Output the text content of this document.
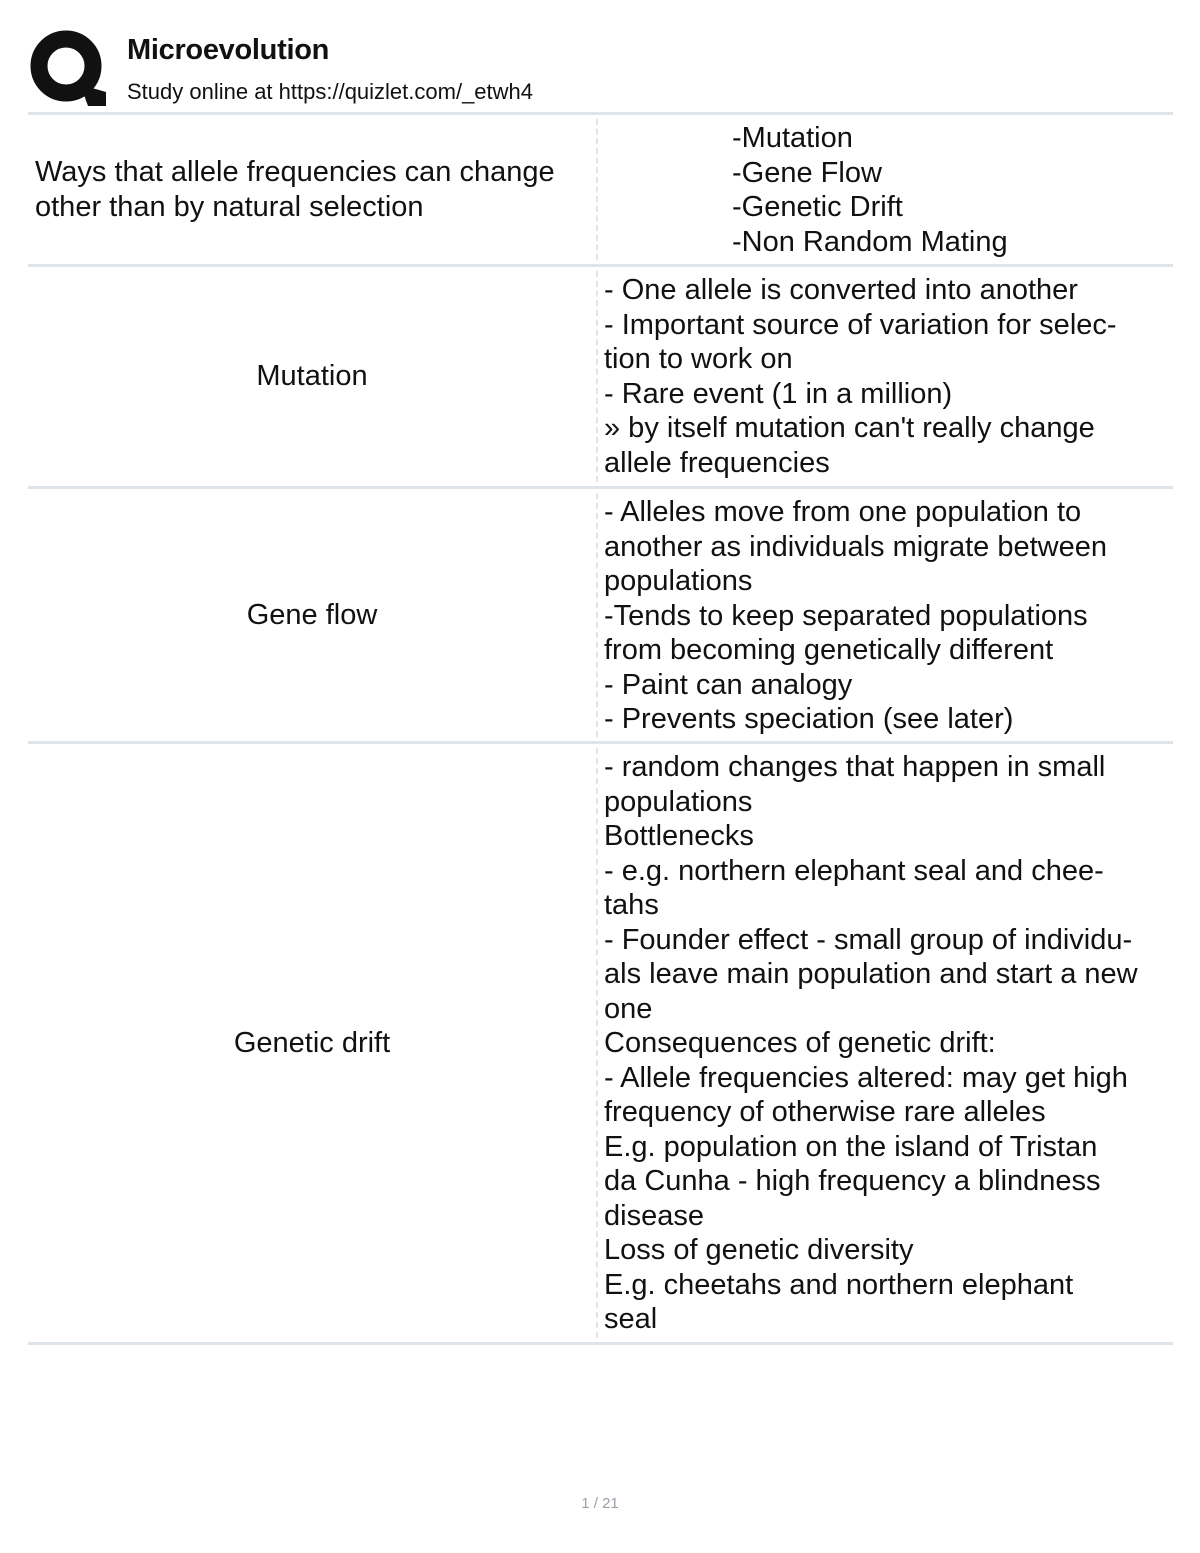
Microevolution
Study online at https://quizlet.com/_etwh4
Ways that allele frequencies can change other than by natural selection
-Mutation
-Gene Flow
-Genetic Drift
-Non Random Mating
Mutation
- One allele is converted into another
- Important source of variation for selec-
tion to work on
- Rare event (1 in a million)
» by itself mutation can't really change
allele frequencies
Gene flow
- Alleles move from one population to
another as individuals migrate between
populations
-Tends to keep separated populations
from becoming genetically different
- Paint can analogy
- Prevents speciation (see later)
Genetic drift
- random changes that happen in small
populations
Bottlenecks
- e.g. northern elephant seal and chee-
tahs
- Founder effect - small group of individu-
als leave main population and start a new
one
Consequences of genetic drift:
- Allele frequencies altered: may get high
frequency of otherwise rare alleles
E.g. population on the island of Tristan
da Cunha - high frequency a blindness
disease
Loss of genetic diversity
E.g. cheetahs and northern elephant
seal
1 / 21
